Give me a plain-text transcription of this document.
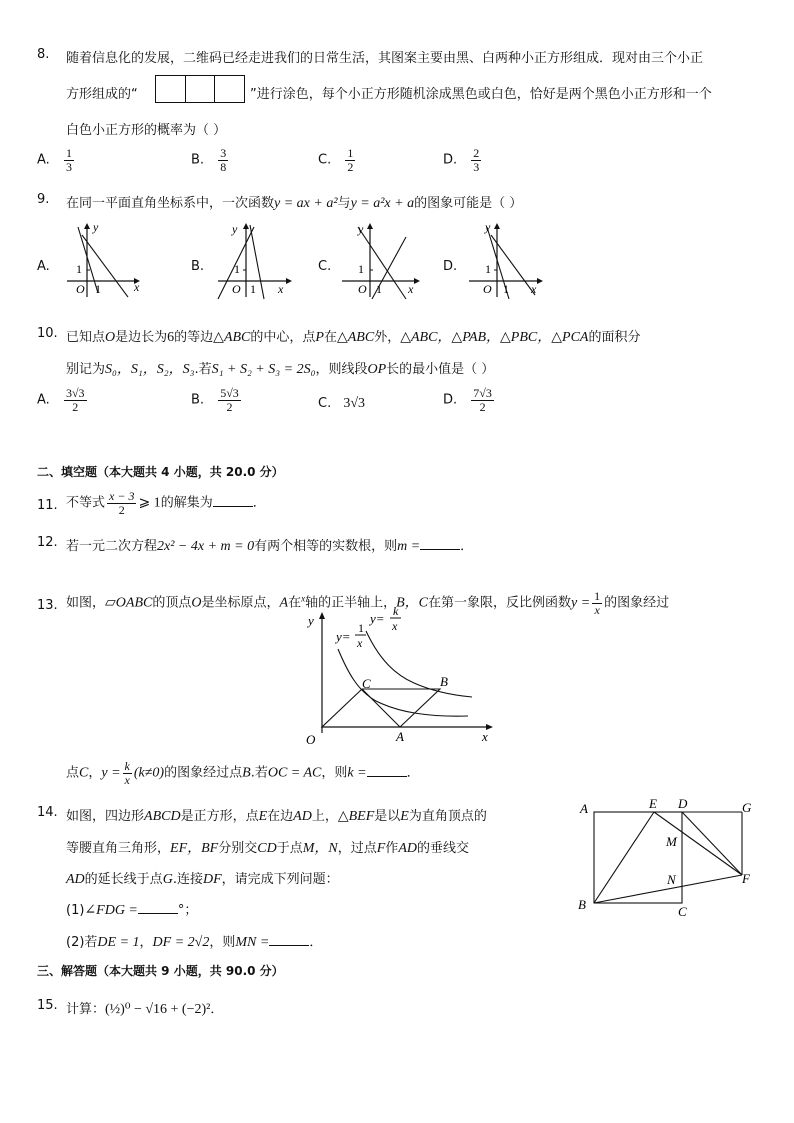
8. 随着信息化的发展，二维码已经走进我们的日常生活，其图案主要由黑、白两种小正方形组成．现对由三个小正
方形组成的“	”进行涂色，每个小正方形随机涂成黑色或白色，恰好是两个黑色小正方形和一个
白色小正方形的概率为（ ）
A. $\frac{1}{3}$	B. $\frac{3}{8}$	C. $\frac{1}{2}$	D. $\frac{2}{3}$
9. 在同一平面直角坐标系中，一次函数y = ax + a²与y = a²x + a的图象可能是（ ）
A.
y
x
O
1
1
B.
y
x
O
1
1
C.
y
x
O
1
1
D.
y
x
O
1
1
10. 已知点O是边长为6的等边△ABC的中心，点P在△ABC外，△ABC，△PAB，△PBC，△PCA的面积分
别记为S₀，S₁，S₂，S₃.若S₁ + S₂ + S₃ = 2S₀，则线段OP长的最小值是（ ）
A. $\frac{3√3}{2}$	B. $\frac{5√3}{2}$	C. 3√3	D. $\frac{7√3}{2}$
二、填空题（本大题共 4 小题，共 20.0 分）
11. 不等式 $\frac{x - 3}{2}$ ⩾ 1的解集为	．
12. 若一元二次方程2x² − 4x + m = 0有两个相等的实数根，则m =	．
13. 如图，▱OABC的顶点O是坐标原点，A在$^x$轴的正半轴上，B，C在第一象限，反比例函数$y = \frac{1}{x}$ 的图象经过
y
x
O	A
B
C
y=
1
x
y= k
x
点C，$y = \frac{k}{x} (k\ne 0)$的图象经过点B.若OC = AC，则k =	．
14. 如图，四边形ABCD是正方形，点E在边AD上，△BEF是以E为直角顶点的
等腰直角三角形，EF，BF分别交CD于点M，N，过点F作AD的垂线交
AD的延长线于点G.连接DF，请完成下列问题：
(1)∠FDG =	°；
(2)若DE = 1，DF = 2√2，则MN =	．
A	E D	G
M
N	F
B	C
三、解答题（本大题共 9 小题，共 90.0 分）
15. 计算：(½)⁰ − √16 + (−2)²．
